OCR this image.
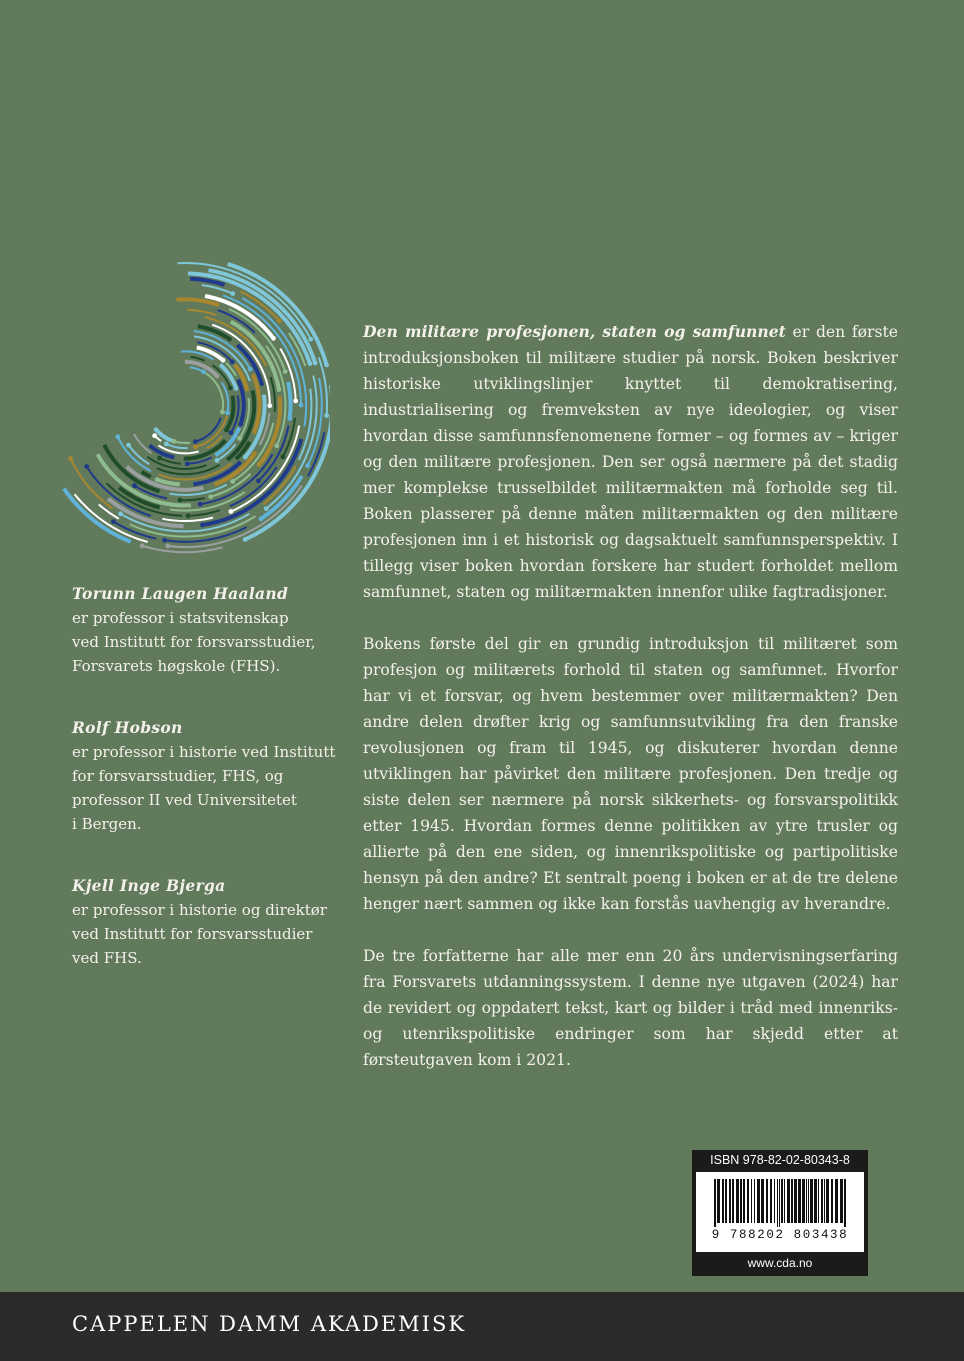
Torunn Laugen Haaland
er professor i statsvitenskap
ved Institutt for forsvarsstudier,
Forsvarets høgskole (FHS).
Rolf Hobson
er professor i historie ved Institutt
for forsvarsstudier, FHS, og
professor II ved Universitetet
i Bergen.
Kjell Inge Bjerga
er professor i historie og direktør
ved Institutt for forsvarsstudier
ved FHS.

Den militære profesjonen, staten og samfunnet er den første introduksjonsboken til militære studier på norsk. Boken beskriver historiske utviklingslinjer knyttet til demokratisering, industrialisering og fremveksten av nye ideologier, og viser hvordan disse samfunnsfenomenene former – og formes av – kriger og den militære profesjonen. Den ser også nærmere på det stadig mer komplekse trusselbildet militærmakten må forholde seg til. Boken plasserer på denne måten militærmakten og den militære profesjonen inn i et historisk og dagsaktuelt samfunnsperspektiv. I tillegg viser boken hvordan forskere har studert forholdet mellom samfunnet, staten og militærmakten innenfor ulike fagtradisjoner.

Bokens første del gir en grundig introduksjon til militæret som profesjon og militærets forhold til staten og samfunnet. Hvorfor har vi et forsvar, og hvem bestemmer over militærmakten? Den andre delen drøfter krig og samfunnsutvikling fra den franske revolusjonen og fram til 1945, og diskuterer hvordan denne utviklingen har påvirket den militære profesjonen. Den tredje og siste delen ser nærmere på norsk sikkerhets- og forsvarspolitikk etter 1945. Hvordan formes denne politikken av ytre trusler og allierte på den ene siden, og innenrikspolitiske og partipolitiske hensyn på den andre? Et sentralt poeng i boken er at de tre delene henger nært sammen og ikke kan forstås uavhengig av hverandre.

De tre forfatterne har alle mer enn 20 års undervisningserfaring fra Forsvarets utdanningssystem. I denne nye utgaven (2024) har de revidert og oppdatert tekst, kart og bilder i tråd med innenriks- og utenrikspolitiske endringer som har skjedd etter at førsteutgaven kom i 2021.

ISBN 978-82-02-80343-8
9 788202 803438
www.cda.no
CAPPELEN DAMM AKADEMISK
